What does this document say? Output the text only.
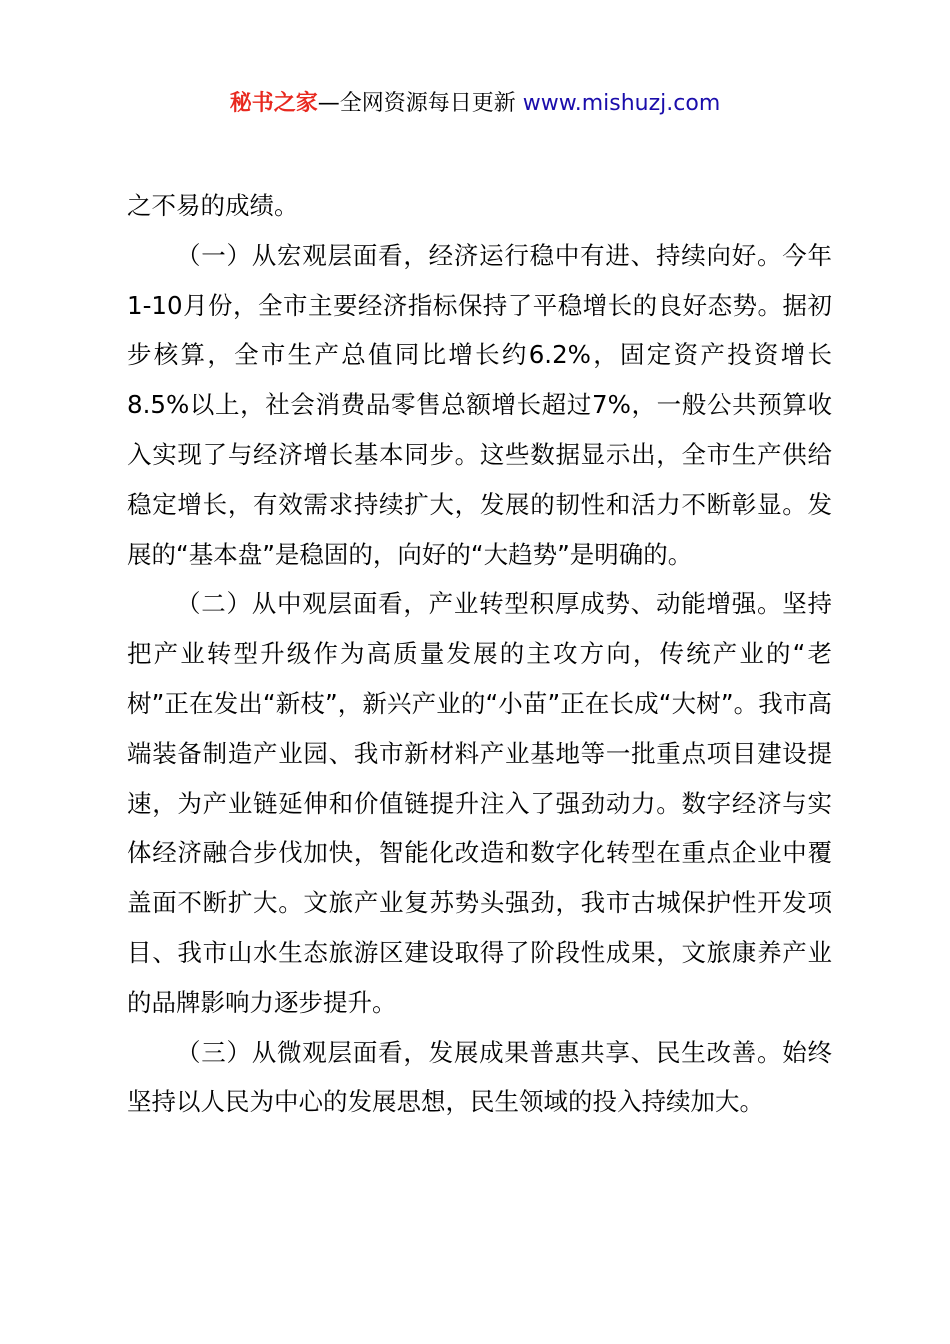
秘书之家—全网资源每日更新 www.mishuzj.com

之不易的成绩。

（一）从宏观层面看，经济运行稳中有进、持续向好。今年1-10月份，全市主要经济指标保持了平稳增长的良好态势。据初步核算，全市生产总值同比增长约6.2%，固定资产投资增长8.5%以上，社会消费品零售总额增长超过7%，一般公共预算收入实现了与经济增长基本同步。这些数据显示出，全市生产供给稳定增长，有效需求持续扩大，发展的韧性和活力不断彰显。发展的“基本盘”是稳固的，向好的“大趋势”是明确的。

（二）从中观层面看，产业转型积厚成势、动能增强。坚持把产业转型升级作为高质量发展的主攻方向，传统产业的“老树”正在发出“新枝”，新兴产业的“小苗”正在长成“大树”。我市高端装备制造产业园、我市新材料产业基地等一批重点项目建设提速，为产业链延伸和价值链提升注入了强劲动力。数字经济与实体经济融合步伐加快，智能化改造和数字化转型在重点企业中覆盖面不断扩大。文旅产业复苏势头强劲，我市古城保护性开发项目、我市山水生态旅游区建设取得了阶段性成果，文旅康养产业的品牌影响力逐步提升。

（三）从微观层面看，发展成果普惠共享、民生改善。始终坚持以人民为中心的发展思想，民生领域的投入持续加大。
